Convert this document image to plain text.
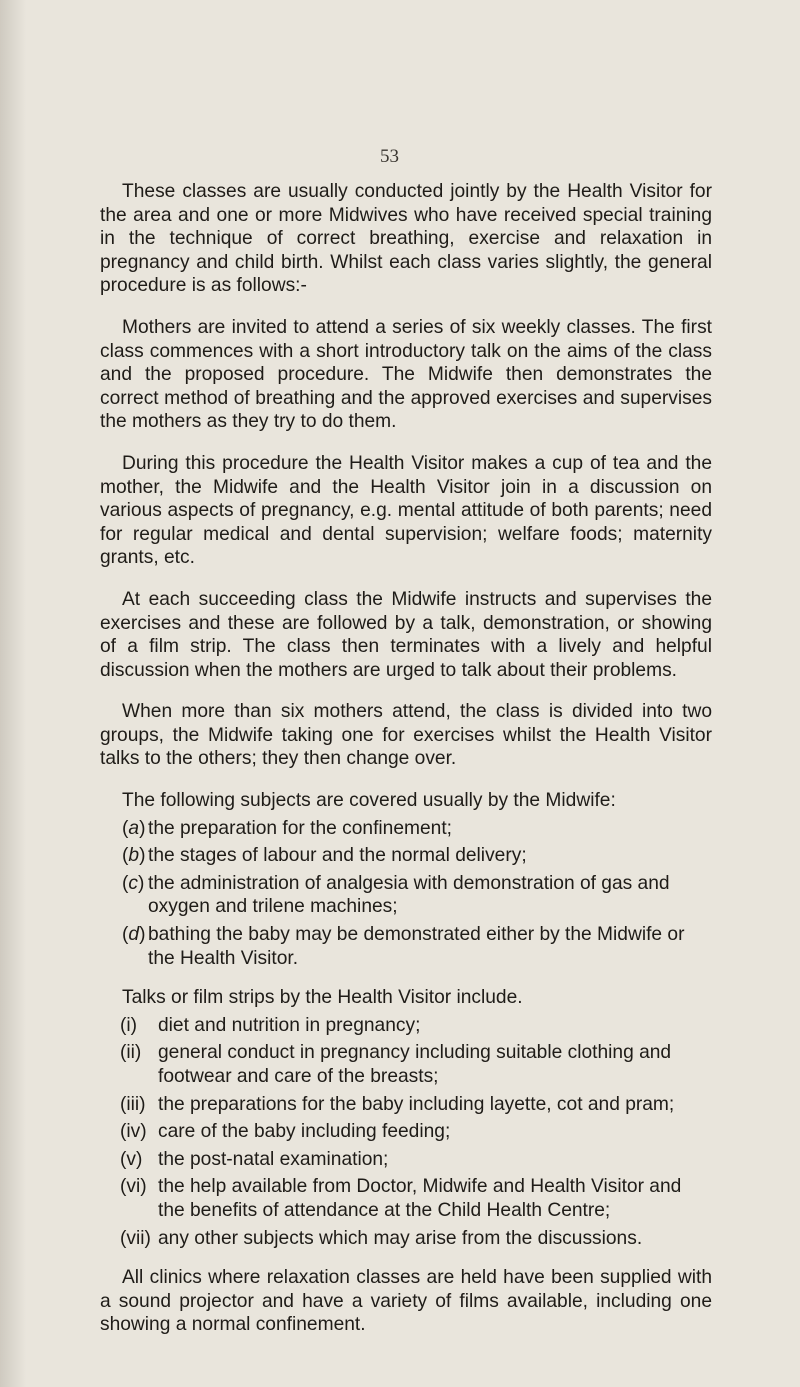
53

These classes are usually conducted jointly by the Health Visitor for the area and one or more Midwives who have received special training in the technique of correct breathing, exercise and relaxation in pregnancy and child birth. Whilst each class varies slightly, the general procedure is as follows:-

Mothers are invited to attend a series of six weekly classes. The first class commences with a short introductory talk on the aims of the class and the proposed procedure. The Midwife then demonstrates the correct method of breathing and the approved exercises and supervises the mothers as they try to do them.

During this procedure the Health Visitor makes a cup of tea and the mother, the Midwife and the Health Visitor join in a discussion on various aspects of pregnancy, e.g. mental attitude of both parents; need for regular medical and dental supervision; welfare foods; maternity grants, etc.

At each succeeding class the Midwife instructs and supervises the exercises and these are followed by a talk, demonstration, or showing of a film strip. The class then terminates with a lively and helpful discussion when the mothers are urged to talk about their problems.

When more than six mothers attend, the class is divided into two groups, the Midwife taking one for exercises whilst the Health Visitor talks to the others; they then change over.

The following subjects are covered usually by the Midwife:

(a) the preparation for the confinement;
(b) the stages of labour and the normal delivery;
(c) the administration of analgesia with demonstration of gas and oxygen and trilene machines;
(d) bathing the baby may be demonstrated either by the Midwife or the Health Visitor.

Talks or film strips by the Health Visitor include.

(i)	diet and nutrition in pregnancy;
(ii) general conduct in pregnancy including suitable clothing and footwear and care of the breasts;
(iii) the preparations for the baby including layette, cot and pram;
(iv) care of the baby including feeding;
(v) the post-natal examination;
(vi) the help available from Doctor, Midwife and Health Visitor and the benefits of attendance at the Child Health Centre;
(vii) any other subjects which may arise from the discussions.

All clinics where relaxation classes are held have been supplied with a sound projector and have a variety of films available, including one showing a normal confinement.
